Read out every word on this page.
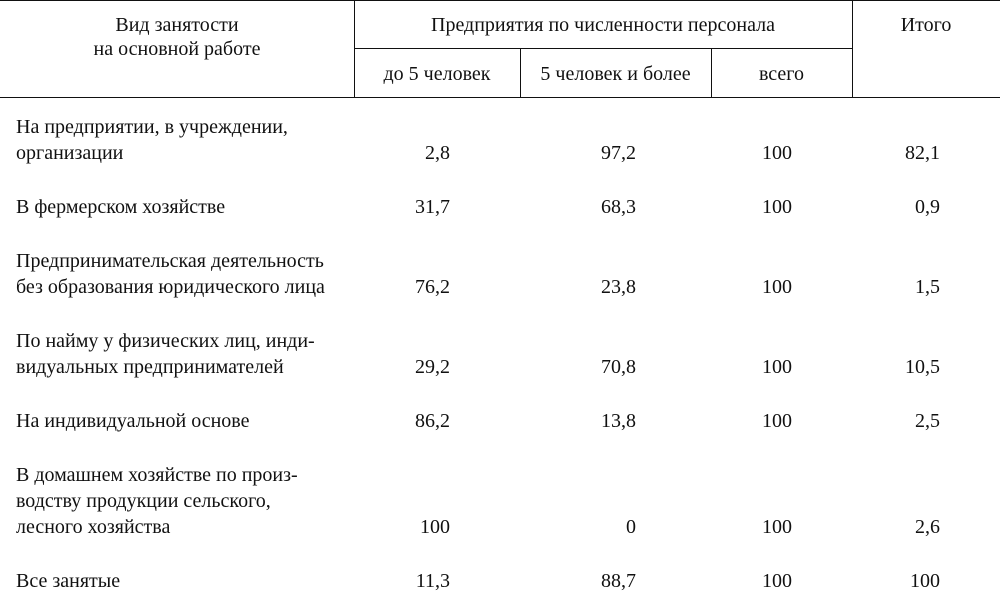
Вид занятости
на основной работе
Предприятия по численности персонала
до 5 человек	5 человек и более	всего
Итого
На предприятии, в учреждении,
организации	2,8	97,2	100	82,1
В фермерском хозяйстве	31,7	68,3	100	0,9
Предпринимательская деятельность
без образования юридического лица	76,2	23,8	100	1,5
По найму у физических лиц, инди-
видуальных предпринимателей	29,2	70,8	100	10,5
На индивидуальной основе	86,2	13,8	100	2,5
В домашнем хозяйстве по произ-
водству продукции сельского,
лесного хозяйства	100	0	100	2,6
Все занятые	11,3	88,7	100	100
